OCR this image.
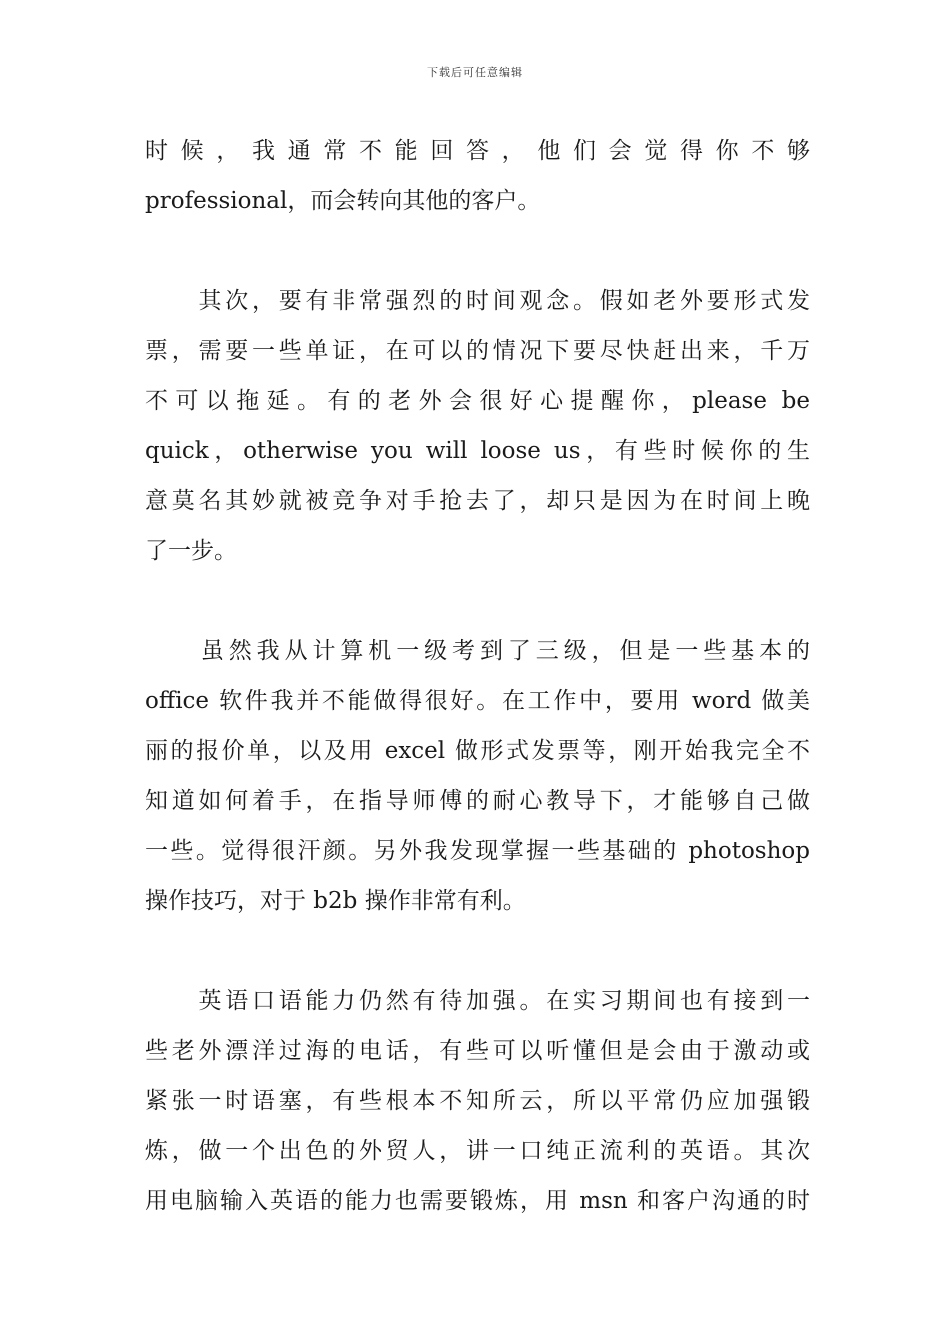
下载后可任意编辑
时 候 ， 我 通 常 不 能 回 答 ， 他 们 会 觉 得 你 不 够
professional，而会转向其他的客户。
　　其次，要有非常强烈的时间观念。假如老外要形式发
票，需要一些单证，在可以的情况下要尽快赶出来，千万
不可以拖延。有的老外会很好心提醒你，please be
quick，otherwise you will loose us，有些时候你的生
意莫名其妙就被竞争对手抢去了，却只是因为在时间上晚
了一步。
　　虽然我从计算机一级考到了三级，但是一些基本的
office 软件我并不能做得很好。在工作中，要用 word 做美
丽的报价单，以及用 excel 做形式发票等，刚开始我完全不
知道如何着手，在指导师傅的耐心教导下，才能够自己做
一些。觉得很汗颜。另外我发现掌握一些基础的 photoshop
操作技巧，对于 b2b 操作非常有利。
　　英语口语能力仍然有待加强。在实习期间也有接到一
些老外漂洋过海的电话，有些可以听懂但是会由于激动或
紧张一时语塞，有些根本不知所云，所以平常仍应加强锻
炼，做一个出色的外贸人，讲一口纯正流利的英语。其次
用电脑输入英语的能力也需要锻炼，用 msn 和客户沟通的时
